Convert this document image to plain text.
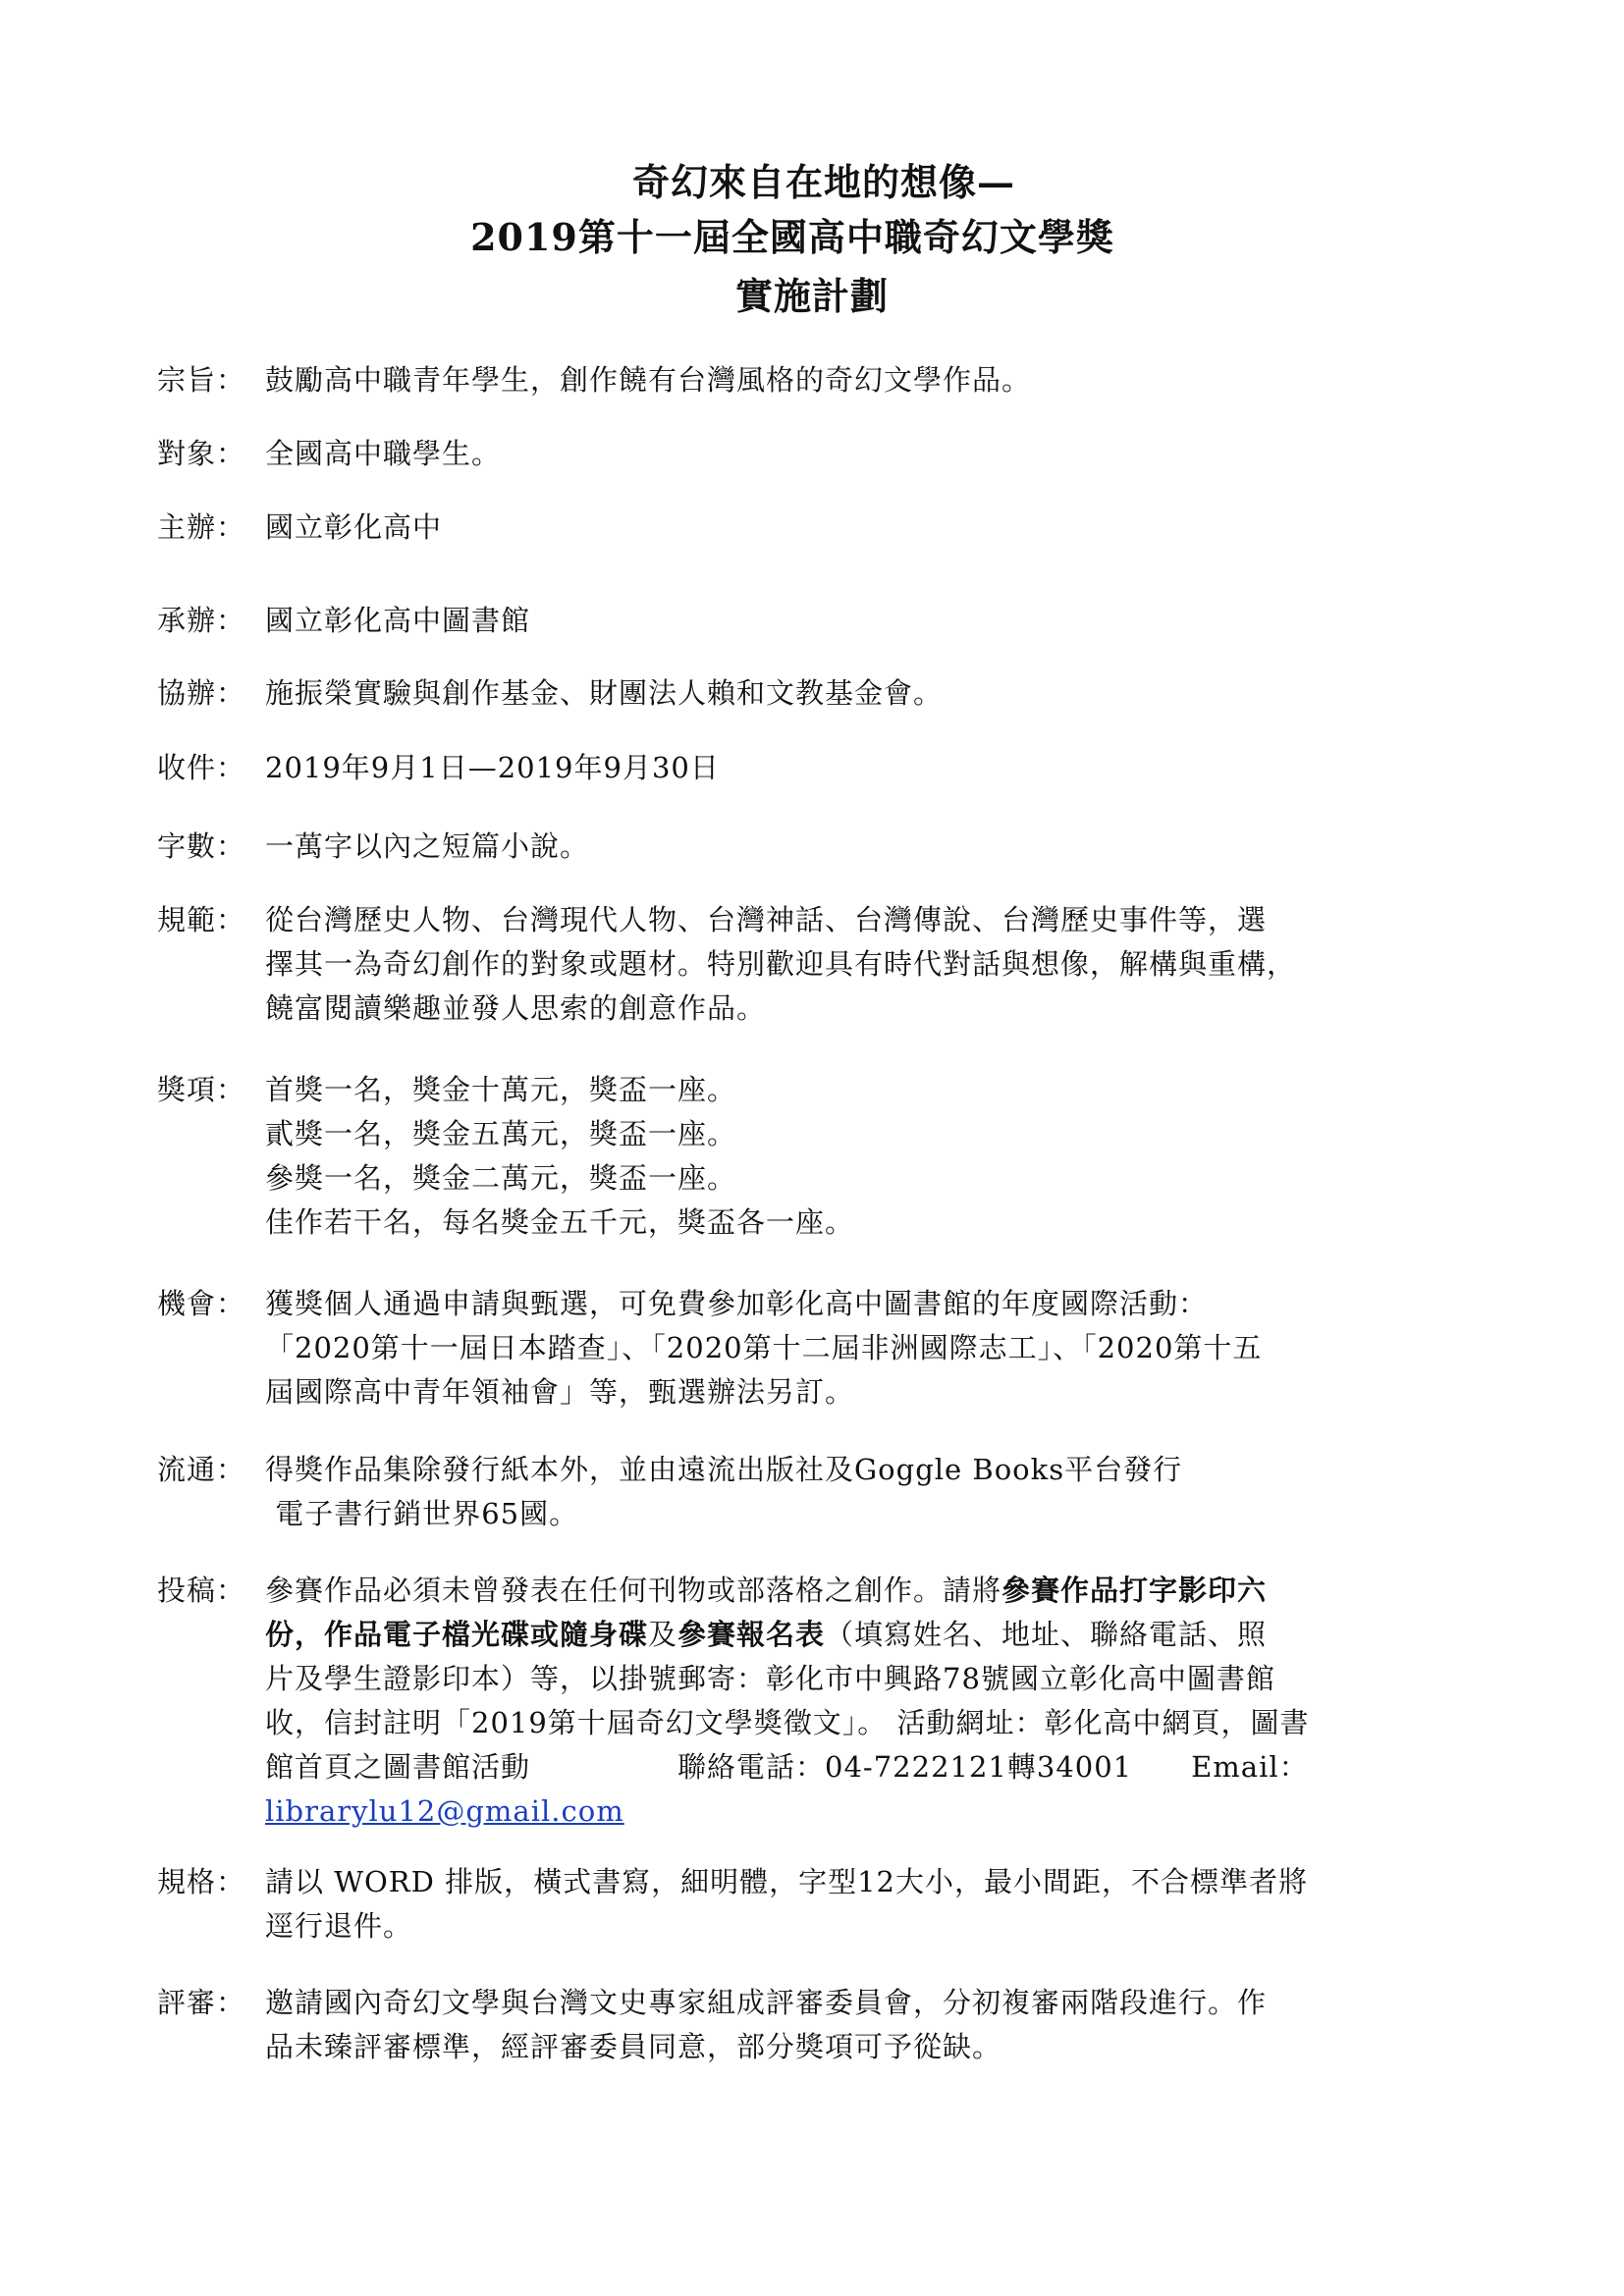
奇幻來自在地的想像—
2019第十一屆全國高中職奇幻文學獎
實施計劃
宗旨： 鼓勵高中職青年學生，創作饒有台灣風格的奇幻文學作品。
對象： 全國高中職學生。
主辦： 國立彰化高中
承辦： 國立彰化高中圖書館
協辦： 施振榮實驗與創作基金、財團法人賴和文教基金會。
收件： 2019年9月1日—2019年9月30日
字數： 一萬字以內之短篇小說。
規範： 從台灣歷史人物、台灣現代人物、台灣神話、台灣傳說、台灣歷史事件等，選
擇其一為奇幻創作的對象或題材。特別歡迎具有時代對話與想像，解構與重構，
饒富閱讀樂趣並發人思索的創意作品。
獎項： 首獎一名，獎金十萬元，獎盃一座。
貳獎一名，獎金五萬元，獎盃一座。
參獎一名，獎金二萬元，獎盃一座。
佳作若干名，每名獎金五千元，獎盃各一座。
機會： 獲獎個人通過申請與甄選，可免費參加彰化高中圖書館的年度國際活動：
「2020第十一屆日本踏查」、「2020第十二屆非洲國際志工」、「2020第十五
屆國際高中青年領袖會」等，甄選辦法另訂。
流通： 得獎作品集除發行紙本外，並由遠流出版社及Goggle Books平台發行
電子書行銷世界65國。
投稿： 參賽作品必須未曾發表在任何刊物或部落格之創作。請將參賽作品打字影印六
份，作品電子檔光碟或隨身碟及參賽報名表（填寫姓名、地址、聯絡電話、照
片及學生證影印本）等，以掛號郵寄：彰化市中興路78號國立彰化高中圖書館
收，信封註明「2019第十屆奇幻文學獎徵文」。 活動網址：彰化高中網頁，圖書
館首頁之圖書館活動	聯絡電話：04-7222121轉34001 Email：
librarylu12@gmail.com
規格： 請以 WORD 排版，橫式書寫，細明體，字型12大小，最小間距，不合標準者將
逕行退件。
評審： 邀請國內奇幻文學與台灣文史專家組成評審委員會，分初複審兩階段進行。作
品未臻評審標準，經評審委員同意，部分獎項可予從缺。
